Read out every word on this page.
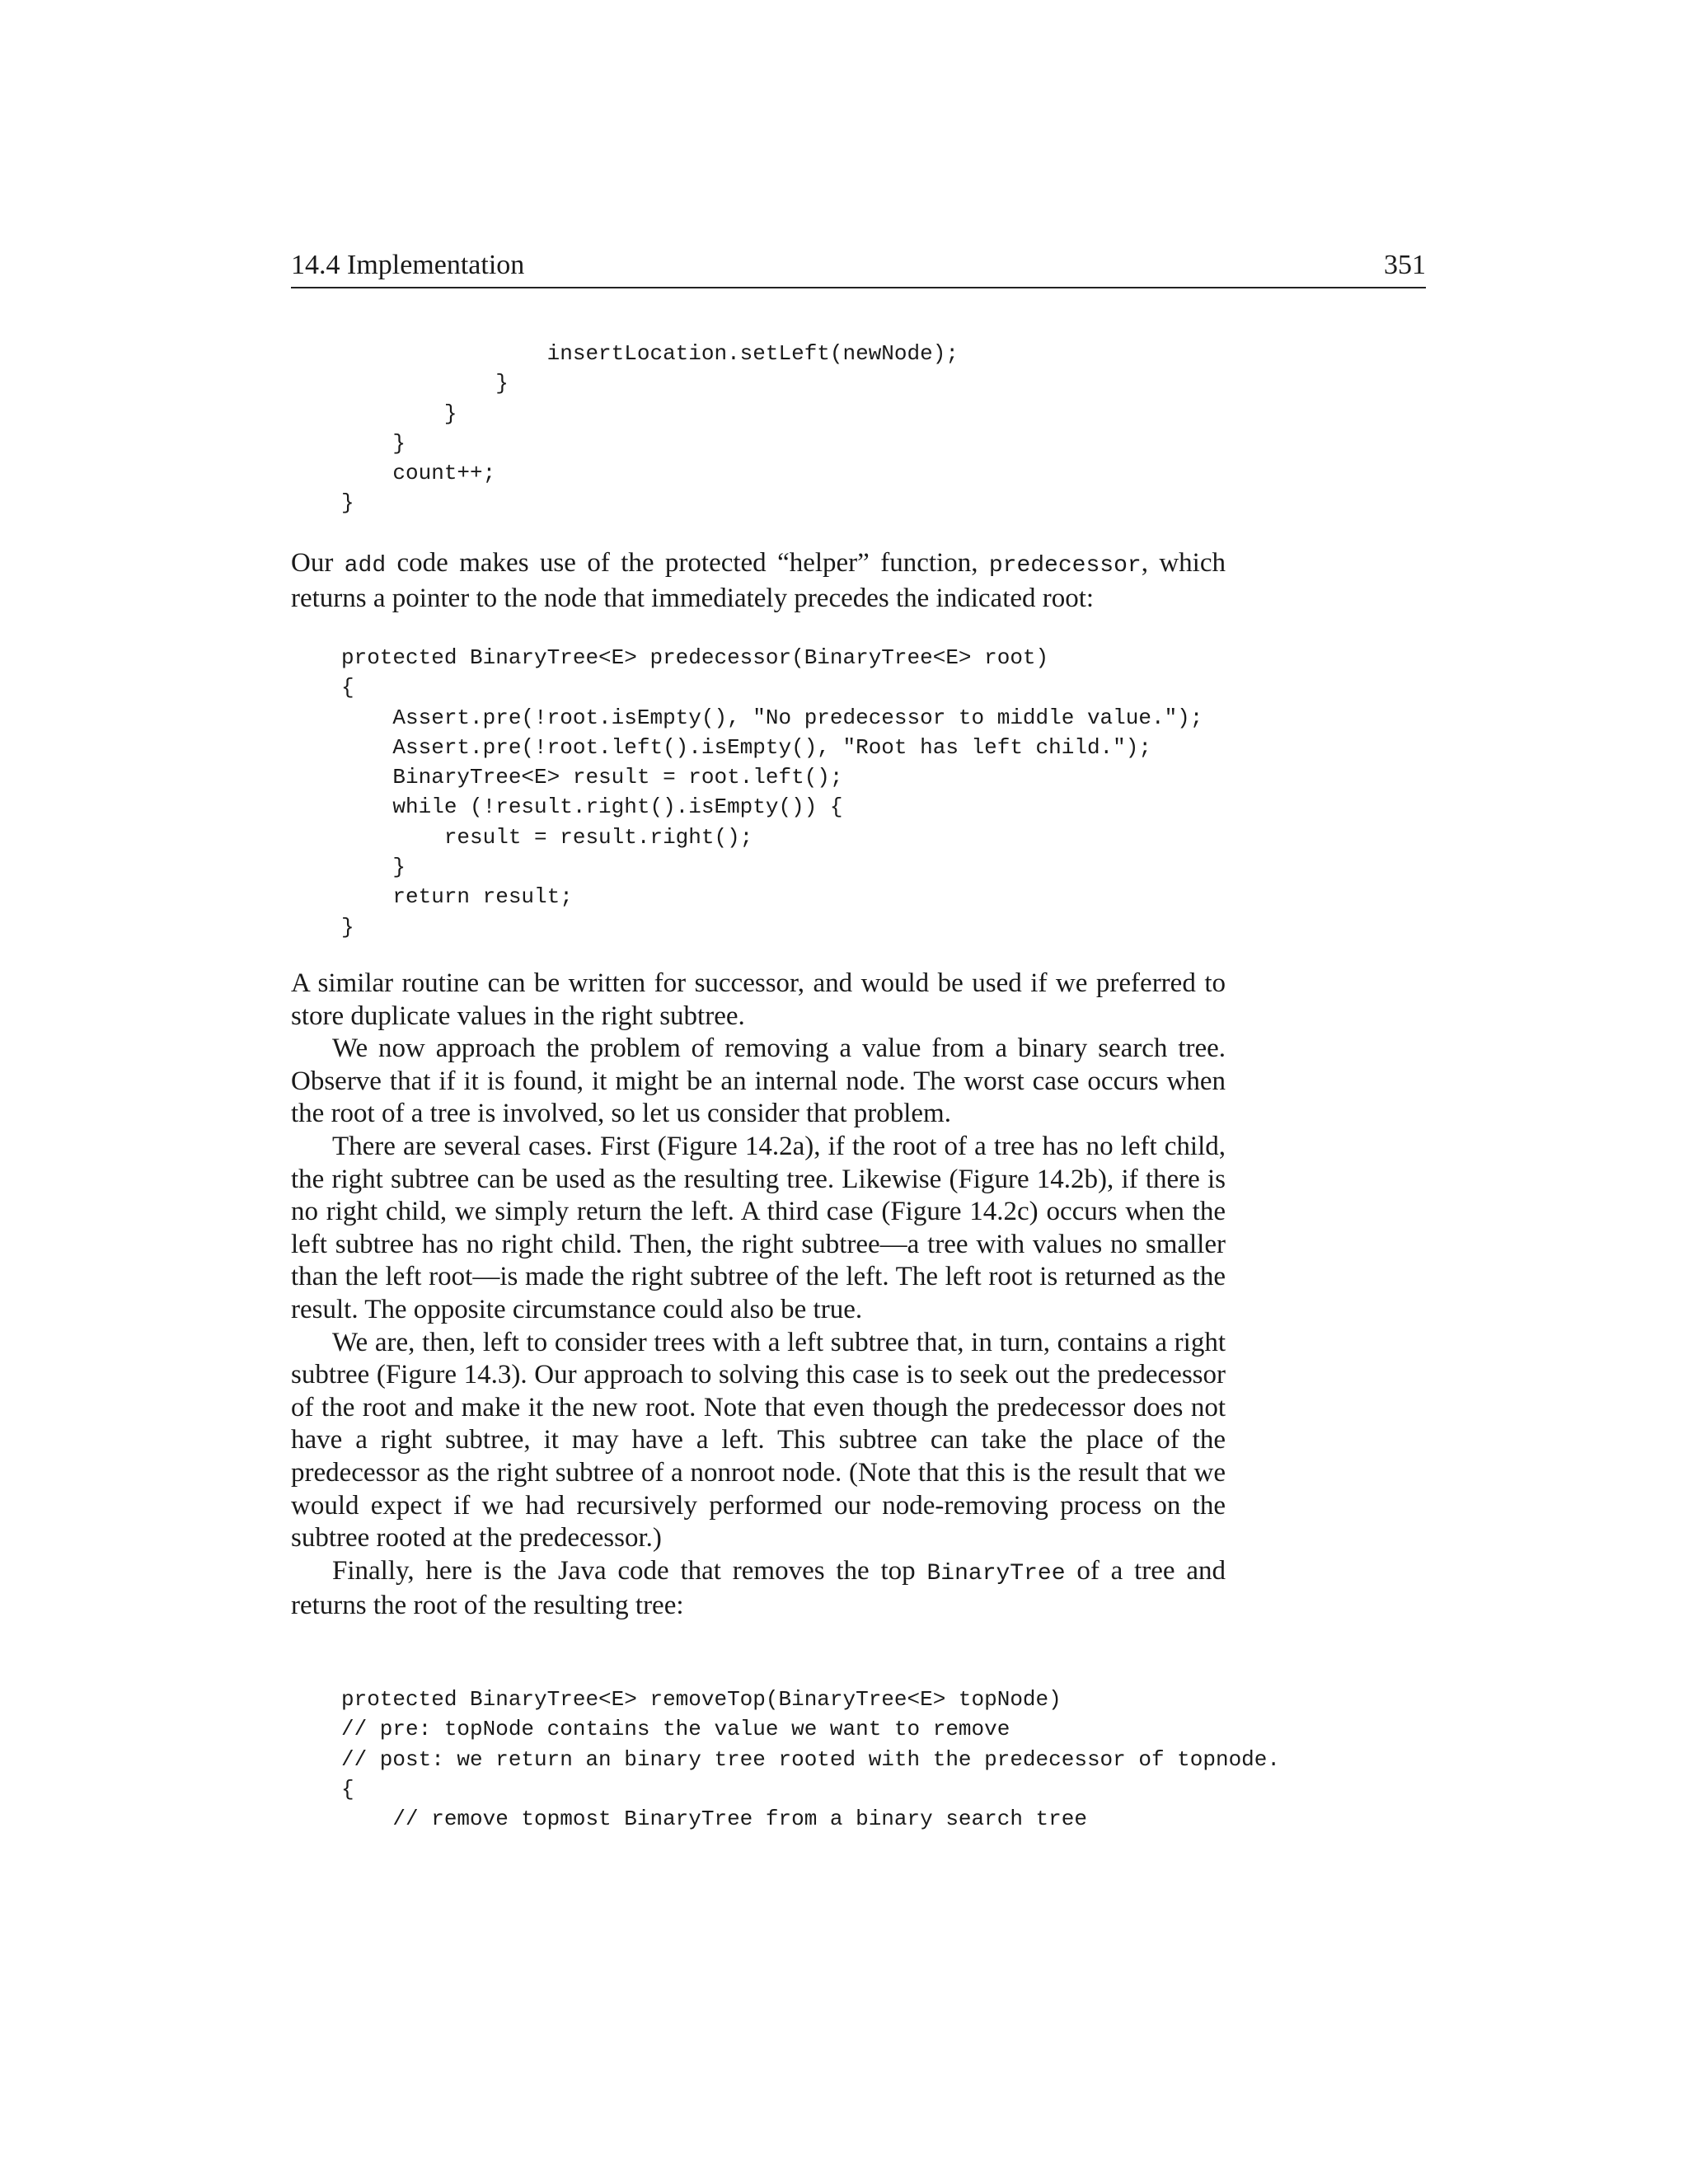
14.4 Implementation	351
insertLocation.setLeft(newNode);
}
}
}
count++;
}

Our add code makes use of the protected “helper” function, predecessor, which returns a pointer to the node that immediately precedes the indicated root:

protected BinaryTree<E> predecessor(BinaryTree<E> root)
{
Assert.pre(!root.isEmpty(), "No predecessor to middle value.");
Assert.pre(!root.left().isEmpty(), "Root has left child.");
BinaryTree<E> result = root.left();
while (!result.right().isEmpty()) {
result = result.right();
}
return result;
}

A similar routine can be written for successor, and would be used if we preferred to store duplicate values in the right subtree.

We now approach the problem of removing a value from a binary search tree. Observe that if it is found, it might be an internal node. The worst case occurs when the root of a tree is involved, so let us consider that problem.

There are several cases. First (Figure 14.2a), if the root of a tree has no left child, the right subtree can be used as the resulting tree. Likewise (Figure 14.2b), if there is no right child, we simply return the left. A third case (Figure 14.2c) occurs when the left subtree has no right child. Then, the right subtree—a tree with values no smaller than the left root—is made the right subtree of the left. The left root is returned as the result. The opposite circumstance could also be true.

We are, then, left to consider trees with a left subtree that, in turn, contains a right subtree (Figure 14.3). Our approach to solving this case is to seek out the predecessor of the root and make it the new root. Note that even though the predecessor does not have a right subtree, it may have a left. This subtree can take the place of the predecessor as the right subtree of a nonroot node. (Note that this is the result that we would expect if we had recursively performed our node-removing process on the subtree rooted at the predecessor.)

Finally, here is the Java code that removes the top BinaryTree of a tree and returns the root of the resulting tree:

protected BinaryTree<E> removeTop(BinaryTree<E> topNode)
// pre: topNode contains the value we want to remove
// post: we return an binary tree rooted with the predecessor of topnode.
{
// remove topmost BinaryTree from a binary search tree
